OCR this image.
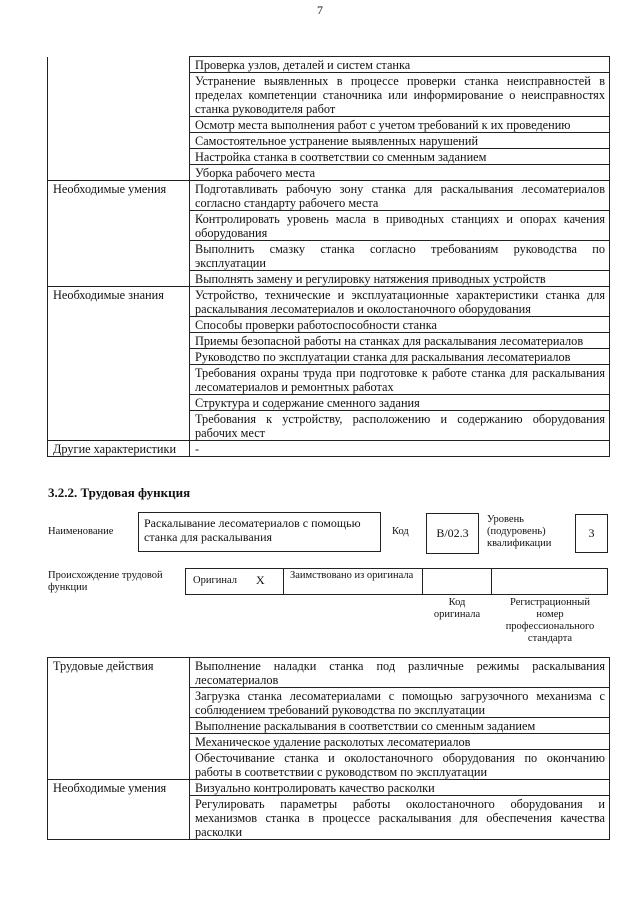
7
	Проверка узлов, деталей и систем станка
	Устранение выявленных в процессе проверки станка неисправностей в пределах компетенции станочника или информирование о неисправностях станка руководителя работ
	Осмотр места выполнения работ с учетом требований к их проведению
	Самостоятельное устранение выявленных нарушений
	Настройка станка в соответствии со сменным заданием
	Уборка рабочего места
Необходимые умения	Подготавливать рабочую зону станка для раскалывания лесоматериалов согласно стандарту рабочего места
	Контролировать уровень масла в приводных станциях и опорах качения оборудования
	Выполнить смазку станка согласно требованиям руководства по эксплуатации
	Выполнять замену и регулировку натяжения приводных устройств
Необходимые знания	Устройство, технические и эксплуатационные характеристики станка для раскалывания лесоматериалов и околостаночного оборудования
	Способы проверки работоспособности станка
	Приемы безопасной работы на станках для раскалывания лесоматериалов
	Руководство по эксплуатации станка для раскалывания лесоматериалов
	Требования охраны труда при подготовке к работе станка для раскалывания лесоматериалов и ремонтных работах
	Структура и содержание сменного задания
	Требования к устройству, расположению и содержанию оборудования рабочих мест
Другие характеристики	-
3.2.2. Трудовая функция
Наименование
Раскалывание лесоматериалов с помощью станка для раскалывания	Код	В/02.3
Уровень (подуровень) квалификации
3
Происхождение трудовой функции
Оригинал X Заимствовано из оригинала
Код оригинала
Регистрационный номер профессионального стандарта
Трудовые действия	Выполнение наладки станка под различные режимы раскалывания лесоматериалов
	Загрузка станка лесоматериалами с помощью загрузочного механизма с соблюдением требований руководства по эксплуатации
	Выполнение раскалывания в соответствии со сменным заданием
	Механическое удаление расколотых лесоматериалов
	Обесточивание станка и околостаночного оборудования по окончанию работы в соответствии с руководством по эксплуатации
Необходимые умения	Визуально контролировать качество расколки
	Регулировать параметры работы околостаночного оборудования и механизмов станка в процессе раскалывания для обеспечения качества расколки
